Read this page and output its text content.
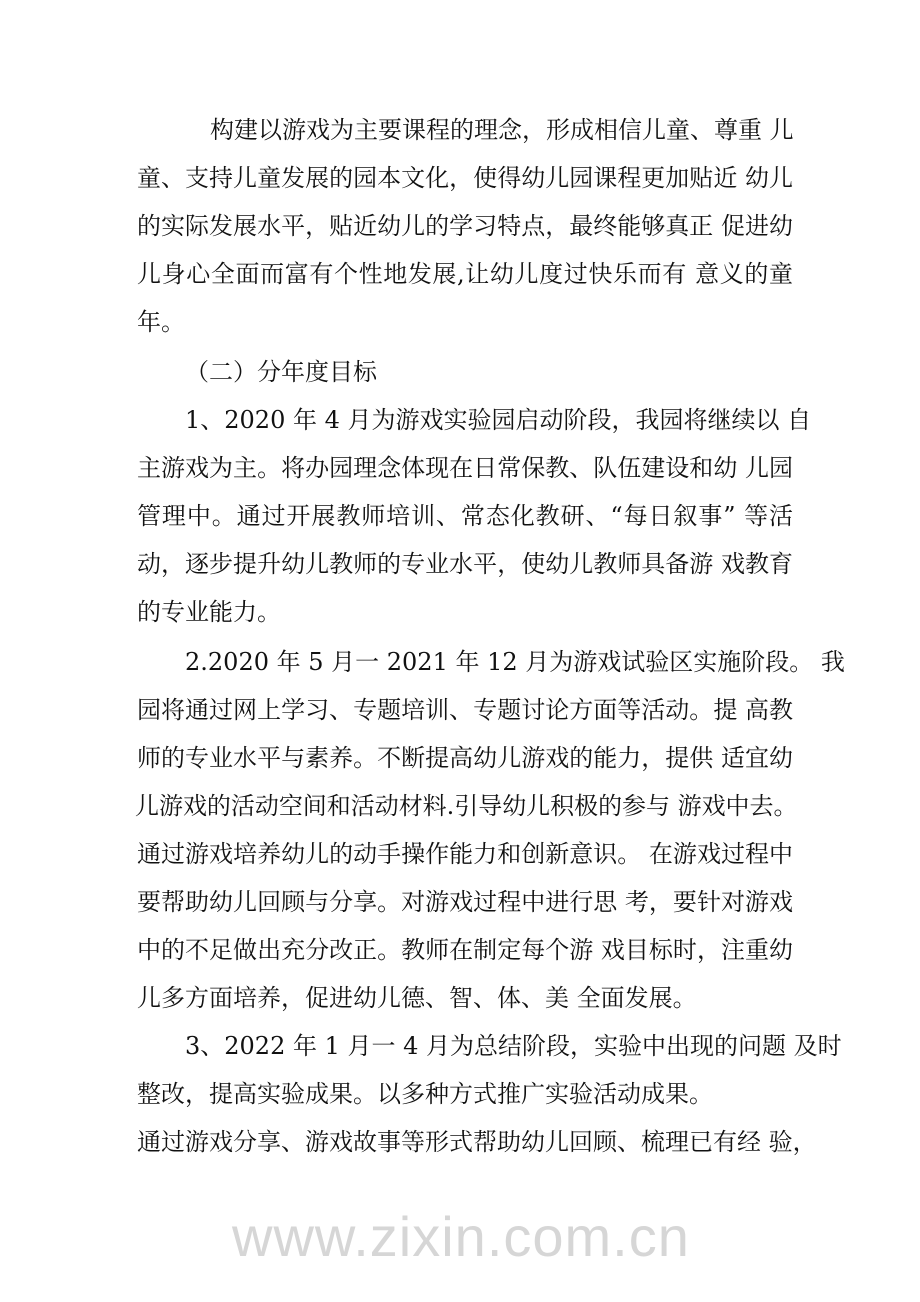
构建以游戏为主要课程的理念，形成相信儿童、尊重 儿
童、支持儿童发展的园本文化，使得幼儿园课程更加贴近 幼儿
的实际发展水平，贴近幼儿的学习特点，最终能够真正 促进幼
儿身心全面而富有个性地发展,让幼儿度过快乐而有 意义的童
年。
（二）分年度目标
1、2020 年 4 月为游戏实验园启动阶段，我园将继续以 自
主游戏为主。将办园理念体现在日常保教、队伍建设和幼 儿园
管理中。通过开展教师培训、常态化教研、“每日叙事” 等活
动，逐步提升幼儿教师的专业水平，使幼儿教师具备游 戏教育
的专业能力。
2.2020 年 5 月一 2021 年 12 月为游戏试验区实施阶段。 我
园将通过网上学习、专题培训、专题讨论方面等活动。提 高教
师的专业水平与素养。不断提高幼儿游戏的能力，提供 适宜幼
儿游戏的活动空间和活动材料.引导幼儿积极的参与 游戏中去。
通过游戏培养幼儿的动手操作能力和创新意识。 在游戏过程中
要帮助幼儿回顾与分享。对游戏过程中进行思 考，要针对游戏
中的不足做出充分改正。教师在制定每个游 戏目标时，注重幼
儿多方面培养，促进幼儿德、智、体、美 全面发展。
3、2022 年 1 月一 4 月为总结阶段，实验中出现的问题 及时
整改，提高实验成果。以多种方式推广实验活动成果。
通过游戏分享、游戏故事等形式帮助幼儿回顾、梳理已有经 验，
www.zixin.com.cn
